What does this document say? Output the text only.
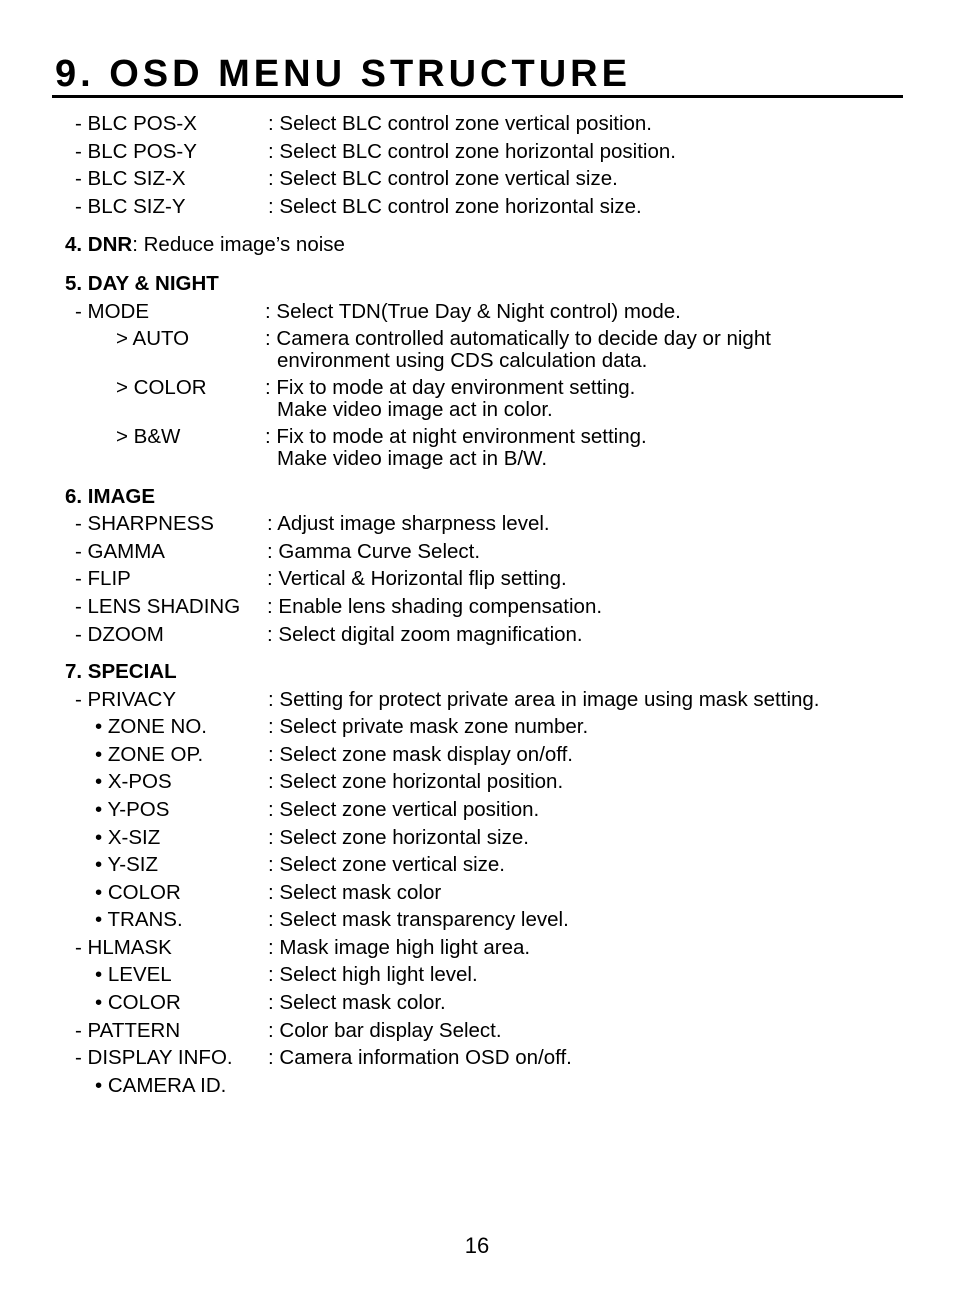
9. OSD MENU STRUCTURE
- BLC POS-X	: Select BLC control zone vertical position.
- BLC POS-Y	: Select BLC control zone horizontal position.
- BLC SIZ-X	: Select BLC control zone vertical size.
- BLC SIZ-Y	: Select BLC control zone horizontal size.
4. DNR: Reduce image’s noise
5. DAY & NIGHT
- MODE	: Select TDN(True Day & Night control) mode.
> AUTO	: Camera controlled automatically to decide day or night
environment using CDS calculation data.
> COLOR	: Fix to mode at day environment setting.
Make video image act in color.
> B&W	: Fix to mode at night environment setting.
Make video image act in B/W.
6. IMAGE
- SHARPNESS	: Adjust image sharpness level.
- GAMMA	: Gamma Curve Select.
- FLIP	: Vertical & Horizontal flip setting.
- LENS SHADING : Enable lens shading compensation.
- DZOOM	: Select digital zoom magnification.
7. SPECIAL
- PRIVACY	: Setting for protect private area in image using mask setting.
• ZONE NO.	: Select private mask zone number.
• ZONE OP.	: Select zone mask display on/off.
• X-POS	: Select zone horizontal position.
• Y-POS	: Select zone vertical position.
• X-SIZ	: Select zone horizontal size.
• Y-SIZ	: Select zone vertical size.
• COLOR	: Select mask color
• TRANS.	: Select mask transparency level.
- HLMASK	: Mask image high light area.
• LEVEL	: Select high light level.
• COLOR	: Select mask color.
- PATTERN	: Color bar display Select.
- DISPLAY INFO. : Camera information OSD on/off.
• CAMERA ID.
16
